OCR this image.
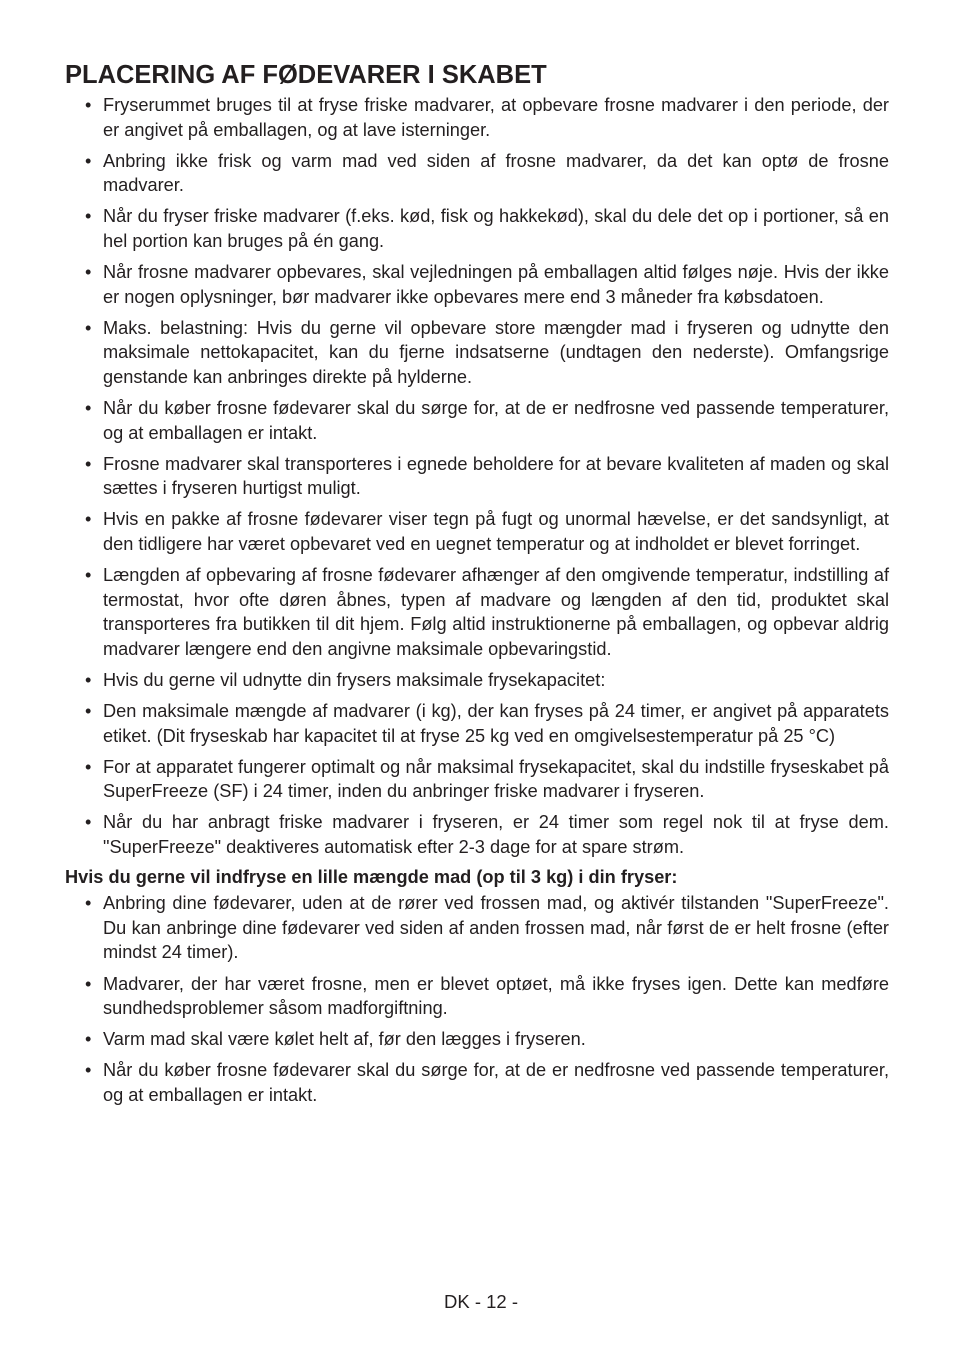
PLACERING AF FØDEVARER I SKABET
• Fryserummet bruges til at fryse friske madvarer, at opbevare frosne madvarer i den periode, der er angivet på emballagen, og at lave isterninger.
• Anbring ikke frisk og varm mad ved siden af frosne madvarer, da det kan optø de frosne madvarer.
• Når du fryser friske madvarer (f.eks. kød, fisk og hakkekød), skal du dele det op i portioner, så en hel portion kan bruges på én gang.
• Når frosne madvarer opbevares, skal vejledningen på emballagen altid følges nøje. Hvis der ikke er nogen oplysninger, bør madvarer ikke opbevares mere end 3 måneder fra købsdatoen.
• Maks. belastning: Hvis du gerne vil opbevare store mængder mad i fryseren og udnytte den maksimale nettokapacitet, kan du fjerne indsatserne (undtagen den nederste). Omfangsrige genstande kan anbringes direkte på hylderne.
• Når du køber frosne fødevarer skal du sørge for, at de er nedfrosne ved passende temperaturer, og at emballagen er intakt.
• Frosne madvarer skal transporteres i egnede beholdere for at bevare kvaliteten af maden og skal sættes i fryseren hurtigst muligt.
• Hvis en pakke af frosne fødevarer viser tegn på fugt og unormal hævelse, er det sandsynligt, at den tidligere har været opbevaret ved en uegnet temperatur og at indholdet er blevet forringet.
• Længden af opbevaring af frosne fødevarer afhænger af den omgivende temperatur, indstilling af termostat, hvor ofte døren åbnes, typen af madvare og længden af den tid, produktet skal transporteres fra butikken til dit hjem. Følg altid instruktionerne på emballagen, og opbevar aldrig madvarer længere end den angivne maksimale opbevaringstid.
• Hvis du gerne vil udnytte din frysers maksimale frysekapacitet:
• Den maksimale mængde af madvarer (i kg), der kan fryses på 24 timer, er angivet på apparatets etiket. (Dit fryseskab har kapacitet til at fryse 25 kg ved en omgivelsestemperatur på 25 °C)
• For at apparatet fungerer optimalt og når maksimal frysekapacitet, skal du indstille fryseskabet på SuperFreeze (SF) i 24 timer, inden du anbringer friske madvarer i fryseren.
• Når du har anbragt friske madvarer i fryseren, er 24 timer som regel nok til at fryse dem. "SuperFreeze" deaktiveres automatisk efter 2-3 dage for at spare strøm.
Hvis du gerne vil indfryse en lille mængde mad (op til 3 kg) i din fryser:
• Anbring dine fødevarer, uden at de rører ved frossen mad, og aktivér tilstanden "SuperFreeze". Du kan anbringe dine fødevarer ved siden af anden frossen mad, når først de er helt frosne (efter mindst 24 timer).
• Madvarer, der har været frosne, men er blevet optøet, må ikke fryses igen. Dette kan medføre sundhedsproblemer såsom madforgiftning.
• Varm mad skal være kølet helt af, før den lægges i fryseren.
• Når du køber frosne fødevarer skal du sørge for, at de er nedfrosne ved passende temperaturer, og at emballagen er intakt.
DK - 12 -
